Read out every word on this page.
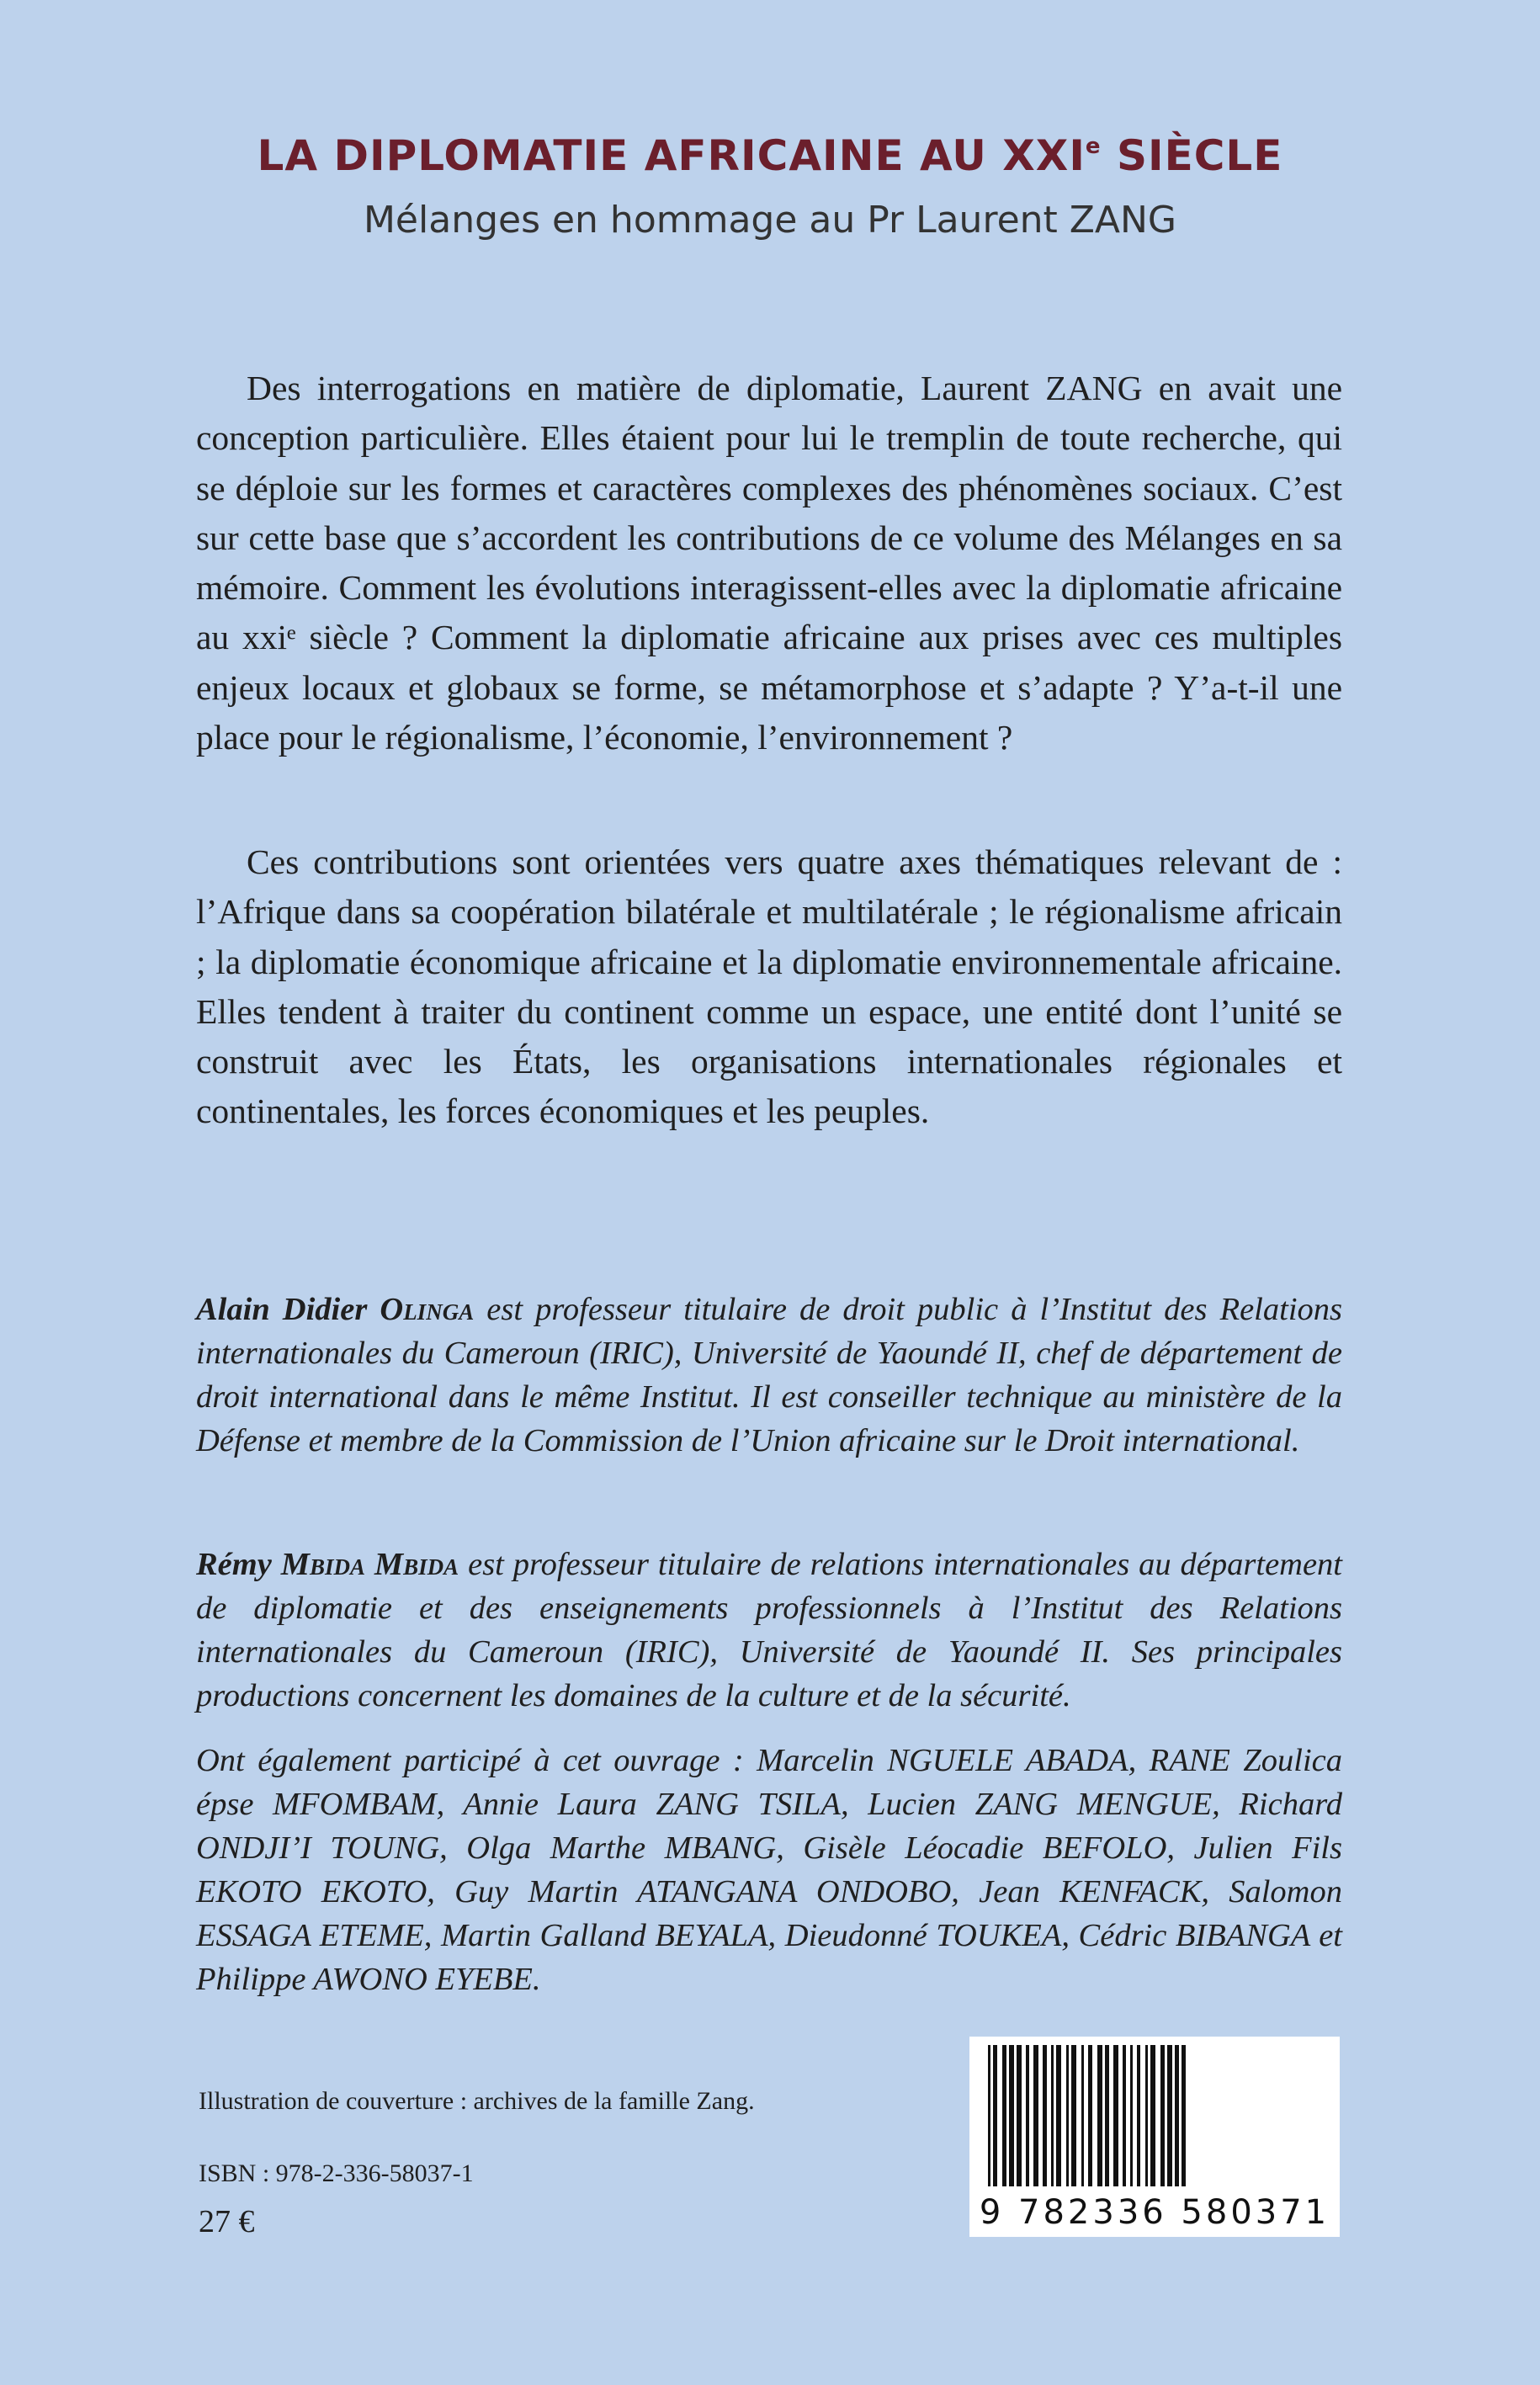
LA DIPLOMATIE AFRICAINE AU XXIe SIÈCLE
Mélanges en hommage au Pr Laurent ZANG

Des interrogations en matière de diplomatie, Laurent ZANG en avait une conception particulière. Elles étaient pour lui le tremplin de toute recherche, qui se déploie sur les formes et caractères complexes des phénomènes sociaux. C’est sur cette base que s’accordent les contributions de ce volume des Mélanges en sa mémoire. Comment les évolutions interagissent-elles avec la diplomatie africaine au xxiᵉ siècle ? Comment la diplomatie africaine aux prises avec ces multiples enjeux locaux et globaux se forme, se métamorphose et s’adapte ? Y’a-t-il une place pour le régionalisme, l’économie, l’environnement ?

Ces contributions sont orientées vers quatre axes thématiques relevant de : l’Afrique dans sa coopération bilatérale et multilatérale ; le régionalisme africain ; la diplomatie économique africaine et la diplomatie environnementale africaine. Elles tendent à traiter du continent comme un espace, une entité dont l’unité se construit avec les États, les organisations internationales régionales et continentales, les forces économiques et les peuples.

Alain Didier Olinga est professeur titulaire de droit public à l’Institut des Relations internationales du Cameroun (IRIC), Université de Yaoundé II, chef de département de droit international dans le même Institut. Il est conseiller technique au ministère de la Défense et membre de la Commission de l’Union africaine sur le Droit international.

Rémy Mbida Mbida est professeur titulaire de relations internationales au département de diplomatie et des enseignements professionnels à l’Institut des Relations internationales du Cameroun (IRIC), Université de Yaoundé II. Ses principales productions concernent les domaines de la culture et de la sécurité.

Ont également participé à cet ouvrage : Marcelin NGUELE ABADA, RANE Zoulica épse MFOMBAM, Annie Laura ZANG TSILA, Lucien ZANG MENGUE, Richard ONDJI’I TOUNG, Olga Marthe MBANG, Gisèle Léocadie BEFOLO, Julien Fils EKOTO EKOTO, Guy Martin ATANGANA ONDOBO, Jean KENFACK, Salomon ESSAGA ETEME, Martin Galland BEYALA, Dieudonné TOUKEA, Cédric BIBANGA et Philippe AWONO EYEBE.

Illustration de couverture : archives de la famille Zang.
ISBN : 978-2-336-58037-1
27 €	9 782336 580371
